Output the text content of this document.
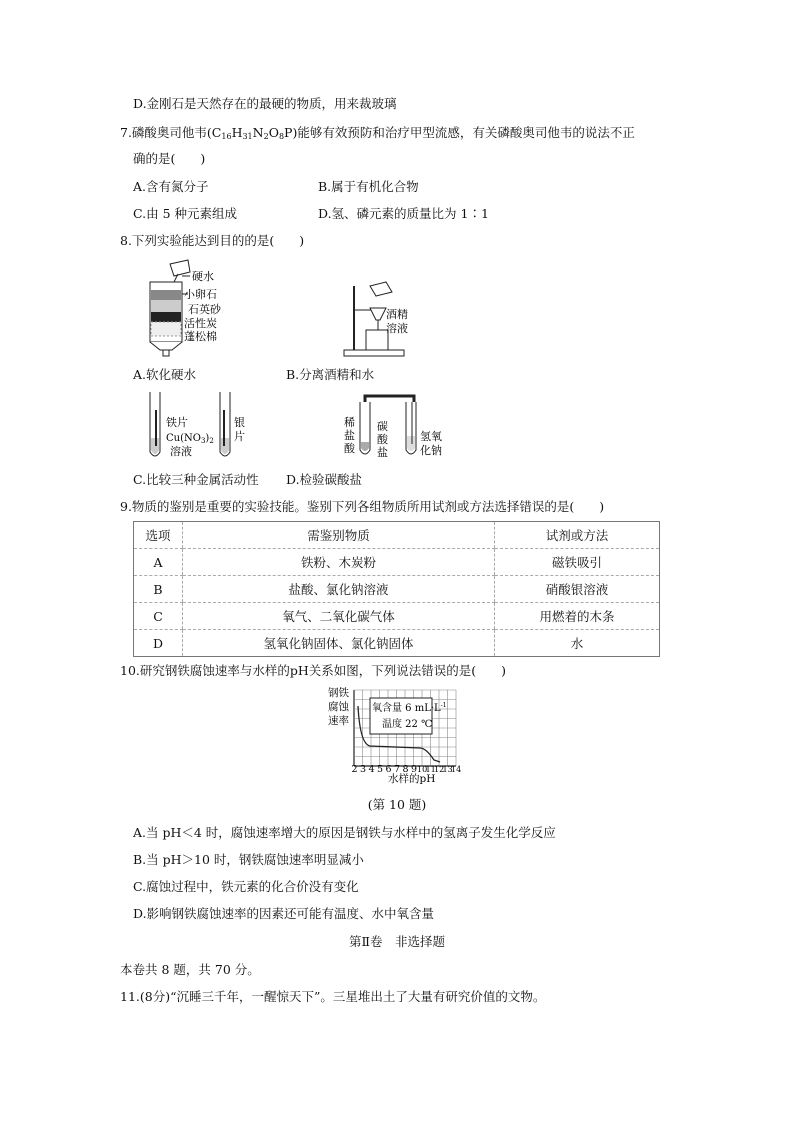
D.金刚石是天然存在的最硬的物质，用来裁玻璃
7.磷酸奥司他韦$(C_{16}H_{31}N_2O_8P)$能够有效预防和治疗甲型流感，有关磷酸奥司他韦的说法不正
确的是(　　)
A.含有氮分子	B.属于有机化合物
C.由 5 种元素组成	D.氢、磷元素的质量比为 1∶1
8.下列实验能达到目的的是(　　)
硬水
小卵石
石英砂
活性炭
蓬松棉
酒精
溶液
A.软化硬水	B.分离酒精和水
铁片
$Cu(NO_3)_2$
溶液
银
片
稀
盐
酸
碳
酸
盐
氢氧
化钠
C.比较三种金属活动性 D.检验碳酸盐
9.物质的鉴别是重要的实验技能。鉴别下列各组物质所用试剂或方法选择错误的是(　　)
选项	需鉴别物质	试剂或方法
A	铁粉、木炭粉	磁铁吸引
B	盐酸、氯化钠溶液	硝酸银溶液
C	氧气、二氧化碳气体	用燃着的木条
D	氢氧化钠固体、氯化钠固体	水
10.研究钢铁腐蚀速率与水样的pH关系如图，下列说法错误的是(　　)
钢铁
腐蚀
速率
氧含量 6 $mL\cdot L^{-1}$
温度 22 ℃
2 3 4 5 6 7 8 9 10
11
12
13
14
水样的pH
(第 10 题)
A.当 pH＜4 时，腐蚀速率增大的原因是钢铁与水样中的氢离子发生化学反应
B.当 pH＞10 时，钢铁腐蚀速率明显减小
C.腐蚀过程中，铁元素的化合价没有变化
D.影响钢铁腐蚀速率的因素还可能有温度、水中氧含量
第Ⅱ卷　非选择题
本卷共 8 题，共 70 分。
11.(8分)“沉睡三千年，一醒惊天下”。三星堆出土了大量有研究价值的文物。
